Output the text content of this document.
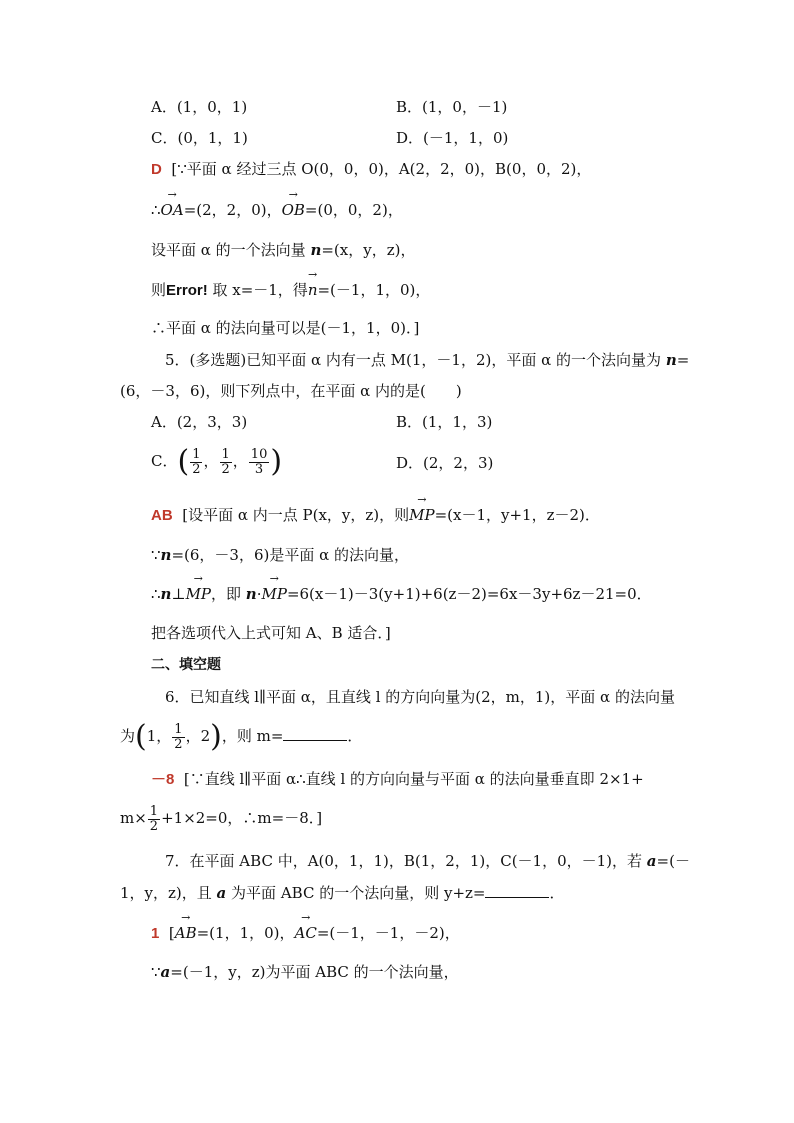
A．(1，0，1)	B．(1，0，－1)
C．(0，1，1)	D．(－1，1，0)
D [∵平面 α 经过三点 O(0，0，0)，A(2，2，0)，B(0，0，2)，
∴→ OA=(2，2，0)，→ OB=(0，0，2)，
设平面 α 的一个法向量 n=(x，y，z)，
则Error! 取 x=－1，得→ n=(－1，1，0)，
∴平面 α 的法向量可以是(－1，1，0)．]
5．(多选题)已知平面 α 内有一点 M(1，－1，2)，平面 α 的一个法向量为 n=
(6，－3，6)，则下列点中，在平面 α 内的是(　　)
A．(2，3，3)	B．(1，1，3)
C．( $\frac{1}{2}$ ， $\frac{1}{2}$ ， $\frac{10}{3}$ )	D．(2，2，3)
AB [设平面 α 内一点 P(x，y，z)，则→ MP=(x－1，y+1，z－2)．
∵n=(6，－3，6)是平面 α 的法向量，
∴n⊥→ MP，即 n·→ MP=6(x－1)－3(y+1)+6(z－2)=6x－3y+6z－21=0．
把各选项代入上式可知 A、B 适合．]
二、填空题
6．已知直线 l∥平面 α，且直线 l 的方向向量为(2，m，1)，平面 α 的法向量
为(1， $\frac{1}{2}$ ，2)，则 m=	．
－8 [∵直线 l∥平面 α∴直线 l 的方向向量与平面 α 的法向量垂直即 2×1+
$m\times \frac{1}{2} +1\times 2=0$，∴m=－8．]
7．在平面 ABC 中，A(0，1，1)，B(1，2，1)，C(－1，0，－1)，若 a=(－
1，y，z)，且 a 为平面 ABC 的一个法向量，则 y+z=	．
1 [→ AB=(1，1，0)，→ AC=(－1，－1，－2)，
∵a=(－1，y，z)为平面 ABC 的一个法向量，
